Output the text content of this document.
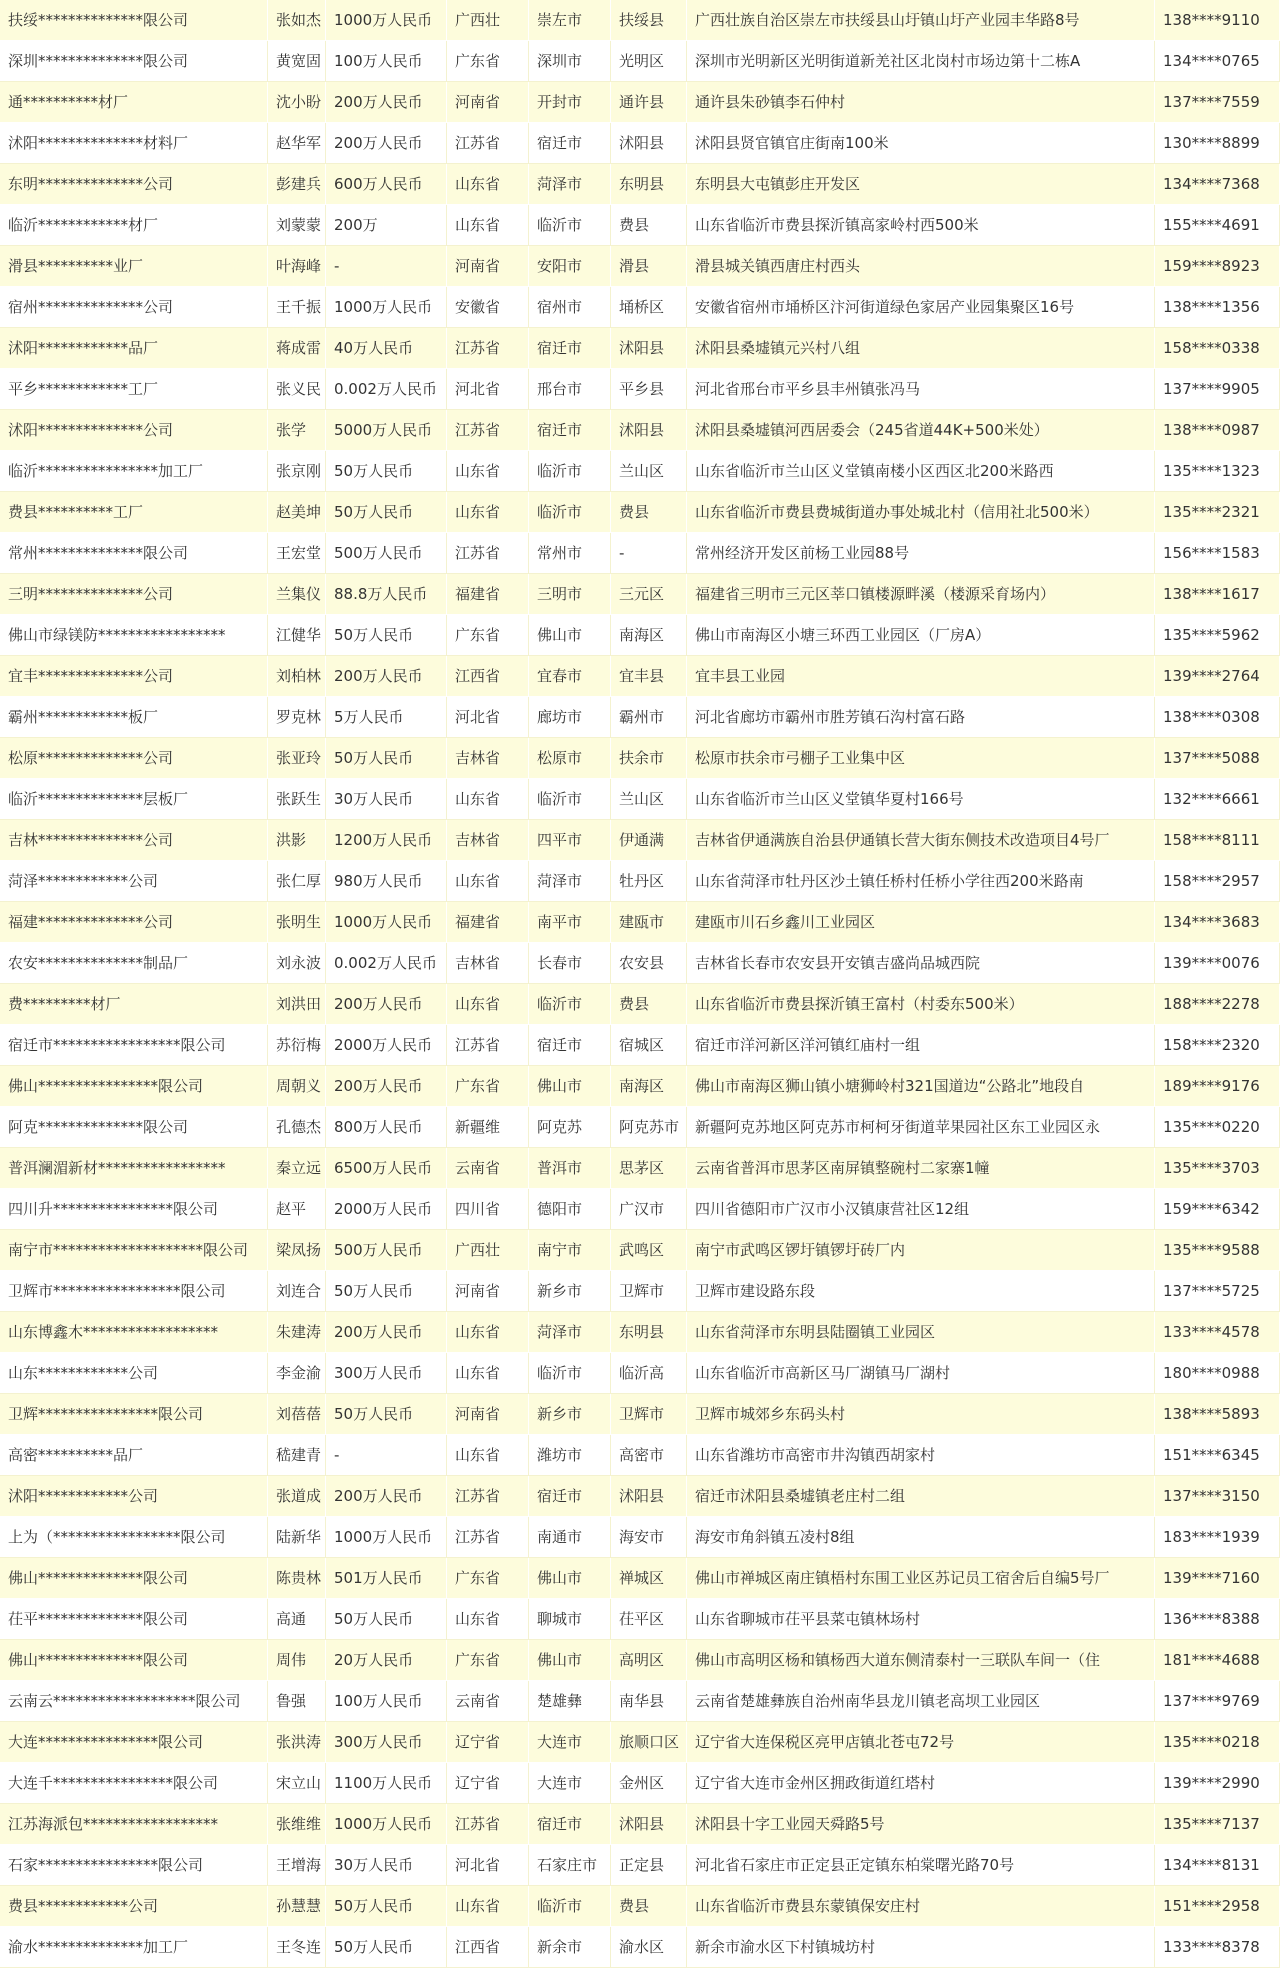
扶绥**************限公司	张如杰	1000万人民币	广西壮	崇左市	扶绥县	广西壮族自治区崇左市扶绥县山圩镇山圩产业园丰华路8号	138****9110
深圳**************限公司	黄宽固	100万人民币	广东省	深圳市	光明区	深圳市光明新区光明街道新羌社区北岗村市场边第十二栋A	134****0765
通**********材厂	沈小盼	200万人民币	河南省	开封市	通许县	通许县朱砂镇李石仲村	137****7559
沭阳**************材料厂	赵华军	200万人民币	江苏省	宿迁市	沭阳县	沭阳县贤官镇官庄街南100米	130****8899
东明**************公司	彭建兵	600万人民币	山东省	菏泽市	东明县	东明县大屯镇彭庄开发区	134****7368
临沂************材厂	刘蒙蒙	200万	山东省	临沂市	费县	山东省临沂市费县探沂镇高家岭村西500米	155****4691
滑县**********业厂	叶海峰	-	河南省	安阳市	滑县	滑县城关镇西唐庄村西头	159****8923
宿州**************公司	王千振	1000万人民币	安徽省	宿州市	埇桥区	安徽省宿州市埇桥区汴河街道绿色家居产业园集聚区16号	138****1356
沭阳************品厂	蒋成雷	40万人民币	江苏省	宿迁市	沭阳县	沭阳县桑墟镇元兴村八组	158****0338
平乡************工厂	张义民	0.002万人民币	河北省	邢台市	平乡县	河北省邢台市平乡县丰州镇张冯马	137****9905
沭阳**************公司	张学	5000万人民币	江苏省	宿迁市	沭阳县	沭阳县桑墟镇河西居委会（245省道44K+500米处）	138****0987
临沂****************加工厂	张京刚	50万人民币	山东省	临沂市	兰山区	山东省临沂市兰山区义堂镇南楼小区西区北200米路西	135****1323
费县**********工厂	赵美坤	50万人民币	山东省	临沂市	费县	山东省临沂市费县费城街道办事处城北村（信用社北500米）	135****2321
常州**************限公司	王宏堂	500万人民币	江苏省	常州市	-	常州经济开发区前杨工业园88号	156****1583
三明**************公司	兰集仪	88.8万人民币	福建省	三明市	三元区	福建省三明市三元区莘口镇楼源畔溪（楼源采育场内）	138****1617
佛山市绿镁防*****************	江健华	50万人民币	广东省	佛山市	南海区	佛山市南海区小塘三环西工业园区（厂房A）	135****5962
宜丰**************公司	刘柏林	200万人民币	江西省	宜春市	宜丰县	宜丰县工业园	139****2764
霸州************板厂	罗克林	5万人民币	河北省	廊坊市	霸州市	河北省廊坊市霸州市胜芳镇石沟村富石路	138****0308
松原**************公司	张亚玲	50万人民币	吉林省	松原市	扶余市	松原市扶余市弓棚子工业集中区	137****5088
临沂**************层板厂	张跃生	30万人民币	山东省	临沂市	兰山区	山东省临沂市兰山区义堂镇华夏村166号	132****6661
吉林**************公司	洪影	1200万人民币	吉林省	四平市	伊通满	吉林省伊通满族自治县伊通镇长营大街东侧技术改造项目4号厂	158****8111
菏泽************公司	张仁厚	980万人民币	山东省	菏泽市	牡丹区	山东省菏泽市牡丹区沙土镇任桥村任桥小学往西200米路南	158****2957
福建**************公司	张明生	1000万人民币	福建省	南平市	建瓯市	建瓯市川石乡鑫川工业园区	134****3683
农安**************制品厂	刘永波	0.002万人民币	吉林省	长春市	农安县	吉林省长春市农安县开安镇吉盛尚品城西院	139****0076
费*********材厂	刘洪田	200万人民币	山东省	临沂市	费县	山东省临沂市费县探沂镇王富村（村委东500米）	188****2278
宿迁市*****************限公司	苏衍梅	2000万人民币	江苏省	宿迁市	宿城区	宿迁市洋河新区洋河镇红庙村一组	158****2320
佛山****************限公司	周朝义	200万人民币	广东省	佛山市	南海区	佛山市南海区狮山镇小塘狮岭村321国道边“公路北”地段自	189****9176
阿克**************限公司	孔德杰	800万人民币	新疆维	阿克苏	阿克苏市	新疆阿克苏地区阿克苏市柯柯牙街道苹果园社区东工业园区永	135****0220
普洱澜湄新材*****************	秦立远	6500万人民币	云南省	普洱市	思茅区	云南省普洱市思茅区南屏镇整碗村二家寨1幢	135****3703
四川升****************限公司	赵平	2000万人民币	四川省	德阳市	广汉市	四川省德阳市广汉市小汉镇康营社区12组	159****6342
南宁市********************限公司	梁凤扬	500万人民币	广西壮	南宁市	武鸣区	南宁市武鸣区锣圩镇锣圩砖厂内	135****9588
卫辉市*****************限公司	刘连合	50万人民币	河南省	新乡市	卫辉市	卫辉市建设路东段	137****5725
山东博鑫木******************	朱建涛	200万人民币	山东省	菏泽市	东明县	山东省菏泽市东明县陆圈镇工业园区	133****4578
山东************公司	李金渝	300万人民币	山东省	临沂市	临沂高	山东省临沂市高新区马厂湖镇马厂湖村	180****0988
卫辉****************限公司	刘蓓蓓	50万人民币	河南省	新乡市	卫辉市	卫辉市城郊乡东码头村	138****5893
高密**********品厂	嵇建青	-	山东省	潍坊市	高密市	山东省潍坊市高密市井沟镇西胡家村	151****6345
沭阳************公司	张道成	200万人民币	江苏省	宿迁市	沭阳县	宿迁市沭阳县桑墟镇老庄村二组	137****3150
上为（*****************限公司	陆新华	1000万人民币	江苏省	南通市	海安市	海安市角斜镇五凌村8组	183****1939
佛山**************限公司	陈贵林	501万人民币	广东省	佛山市	禅城区	佛山市禅城区南庄镇梧村东围工业区苏记员工宿舍后自编5号厂	139****7160
茌平**************限公司	高通	50万人民币	山东省	聊城市	茌平区	山东省聊城市茌平县菜屯镇林场村	136****8388
佛山**************限公司	周伟	20万人民币	广东省	佛山市	高明区	佛山市高明区杨和镇杨西大道东侧清泰村一三联队车间一（住	181****4688
云南云*******************限公司	鲁强	100万人民币	云南省	楚雄彝	南华县	云南省楚雄彝族自治州南华县龙川镇老高坝工业园区	137****9769
大连****************限公司	张洪涛	300万人民币	辽宁省	大连市	旅顺口区	辽宁省大连保税区亮甲店镇北苍屯72号	135****0218
大连千****************限公司	宋立山	1100万人民币	辽宁省	大连市	金州区	辽宁省大连市金州区拥政街道红塔村	139****2990
江苏海派包******************	张维维	1000万人民币	江苏省	宿迁市	沭阳县	沭阳县十字工业园天舜路5号	135****7137
石家****************限公司	王增海	30万人民币	河北省	石家庄市	正定县	河北省石家庄市正定县正定镇东柏棠曙光路70号	134****8131
费县************公司	孙慧慧	50万人民币	山东省	临沂市	费县	山东省临沂市费县东蒙镇保安庄村	151****2958
渝水**************加工厂	王冬连	50万人民币	江西省	新余市	渝水区	新余市渝水区下村镇城坊村	133****8378
